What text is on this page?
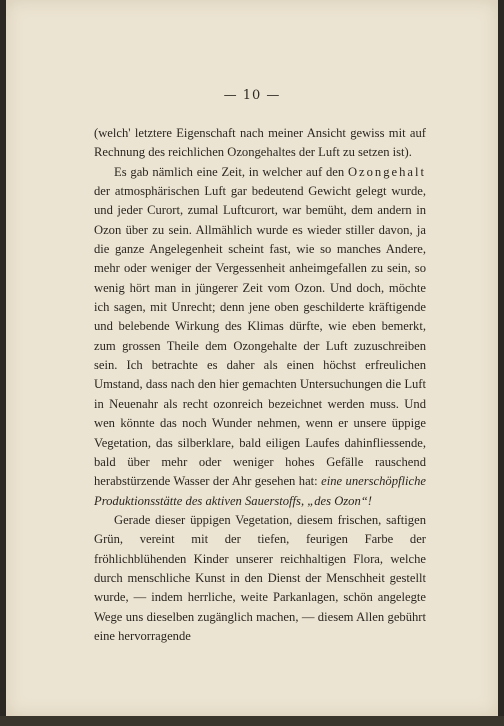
— 10 —

(welch' letztere Eigenschaft nach meiner Ansicht gewiss mit auf Rechnung des reichlichen Ozongehaltes der Luft zu setzen ist).

Es gab nämlich eine Zeit, in welcher auf den Ozongehalt der atmosphärischen Luft gar bedeutend Gewicht gelegt wurde, und jeder Curort, zumal Luftcurort, war bemüht, dem andern in Ozon über zu sein. Allmählich wurde es wieder stiller davon, ja die ganze Angelegenheit scheint fast, wie so manches Andere, mehr oder weniger der Vergessenheit anheimgefallen zu sein, so wenig hört man in jüngerer Zeit vom Ozon. Und doch, möchte ich sagen, mit Unrecht; denn jene oben geschilderte kräftigende und belebende Wirkung des Klimas dürfte, wie eben bemerkt, zum grossen Theile dem Ozongehalte der Luft zuzuschreiben sein. Ich betrachte es daher als einen höchst erfreulichen Umstand, dass nach den hier gemachten Untersuchungen die Luft in Neuenahr als recht ozonreich bezeichnet werden muss. Und wen könnte das noch Wunder nehmen, wenn er unsere üppige Vegetation, das silberklare, bald eiligen Laufes dahinfliessende, bald über mehr oder weniger hohes Gefälle rauschend herabstürzende Wasser der Ahr gesehen hat: eine unerschöpfliche Produktionsstätte des aktiven Sauerstoffs, „des Ozon“!

Gerade dieser üppigen Vegetation, diesem frischen, saftigen Grün, vereint mit der tiefen, feurigen Farbe der fröhlichblühenden Kinder unserer reichhaltigen Flora, welche durch menschliche Kunst in den Dienst der Menschheit gestellt wurde, — indem herrliche, weite Parkanlagen, schön angelegte Wege uns dieselben zugänglich machen, — diesem Allen gebührt eine hervorragende
